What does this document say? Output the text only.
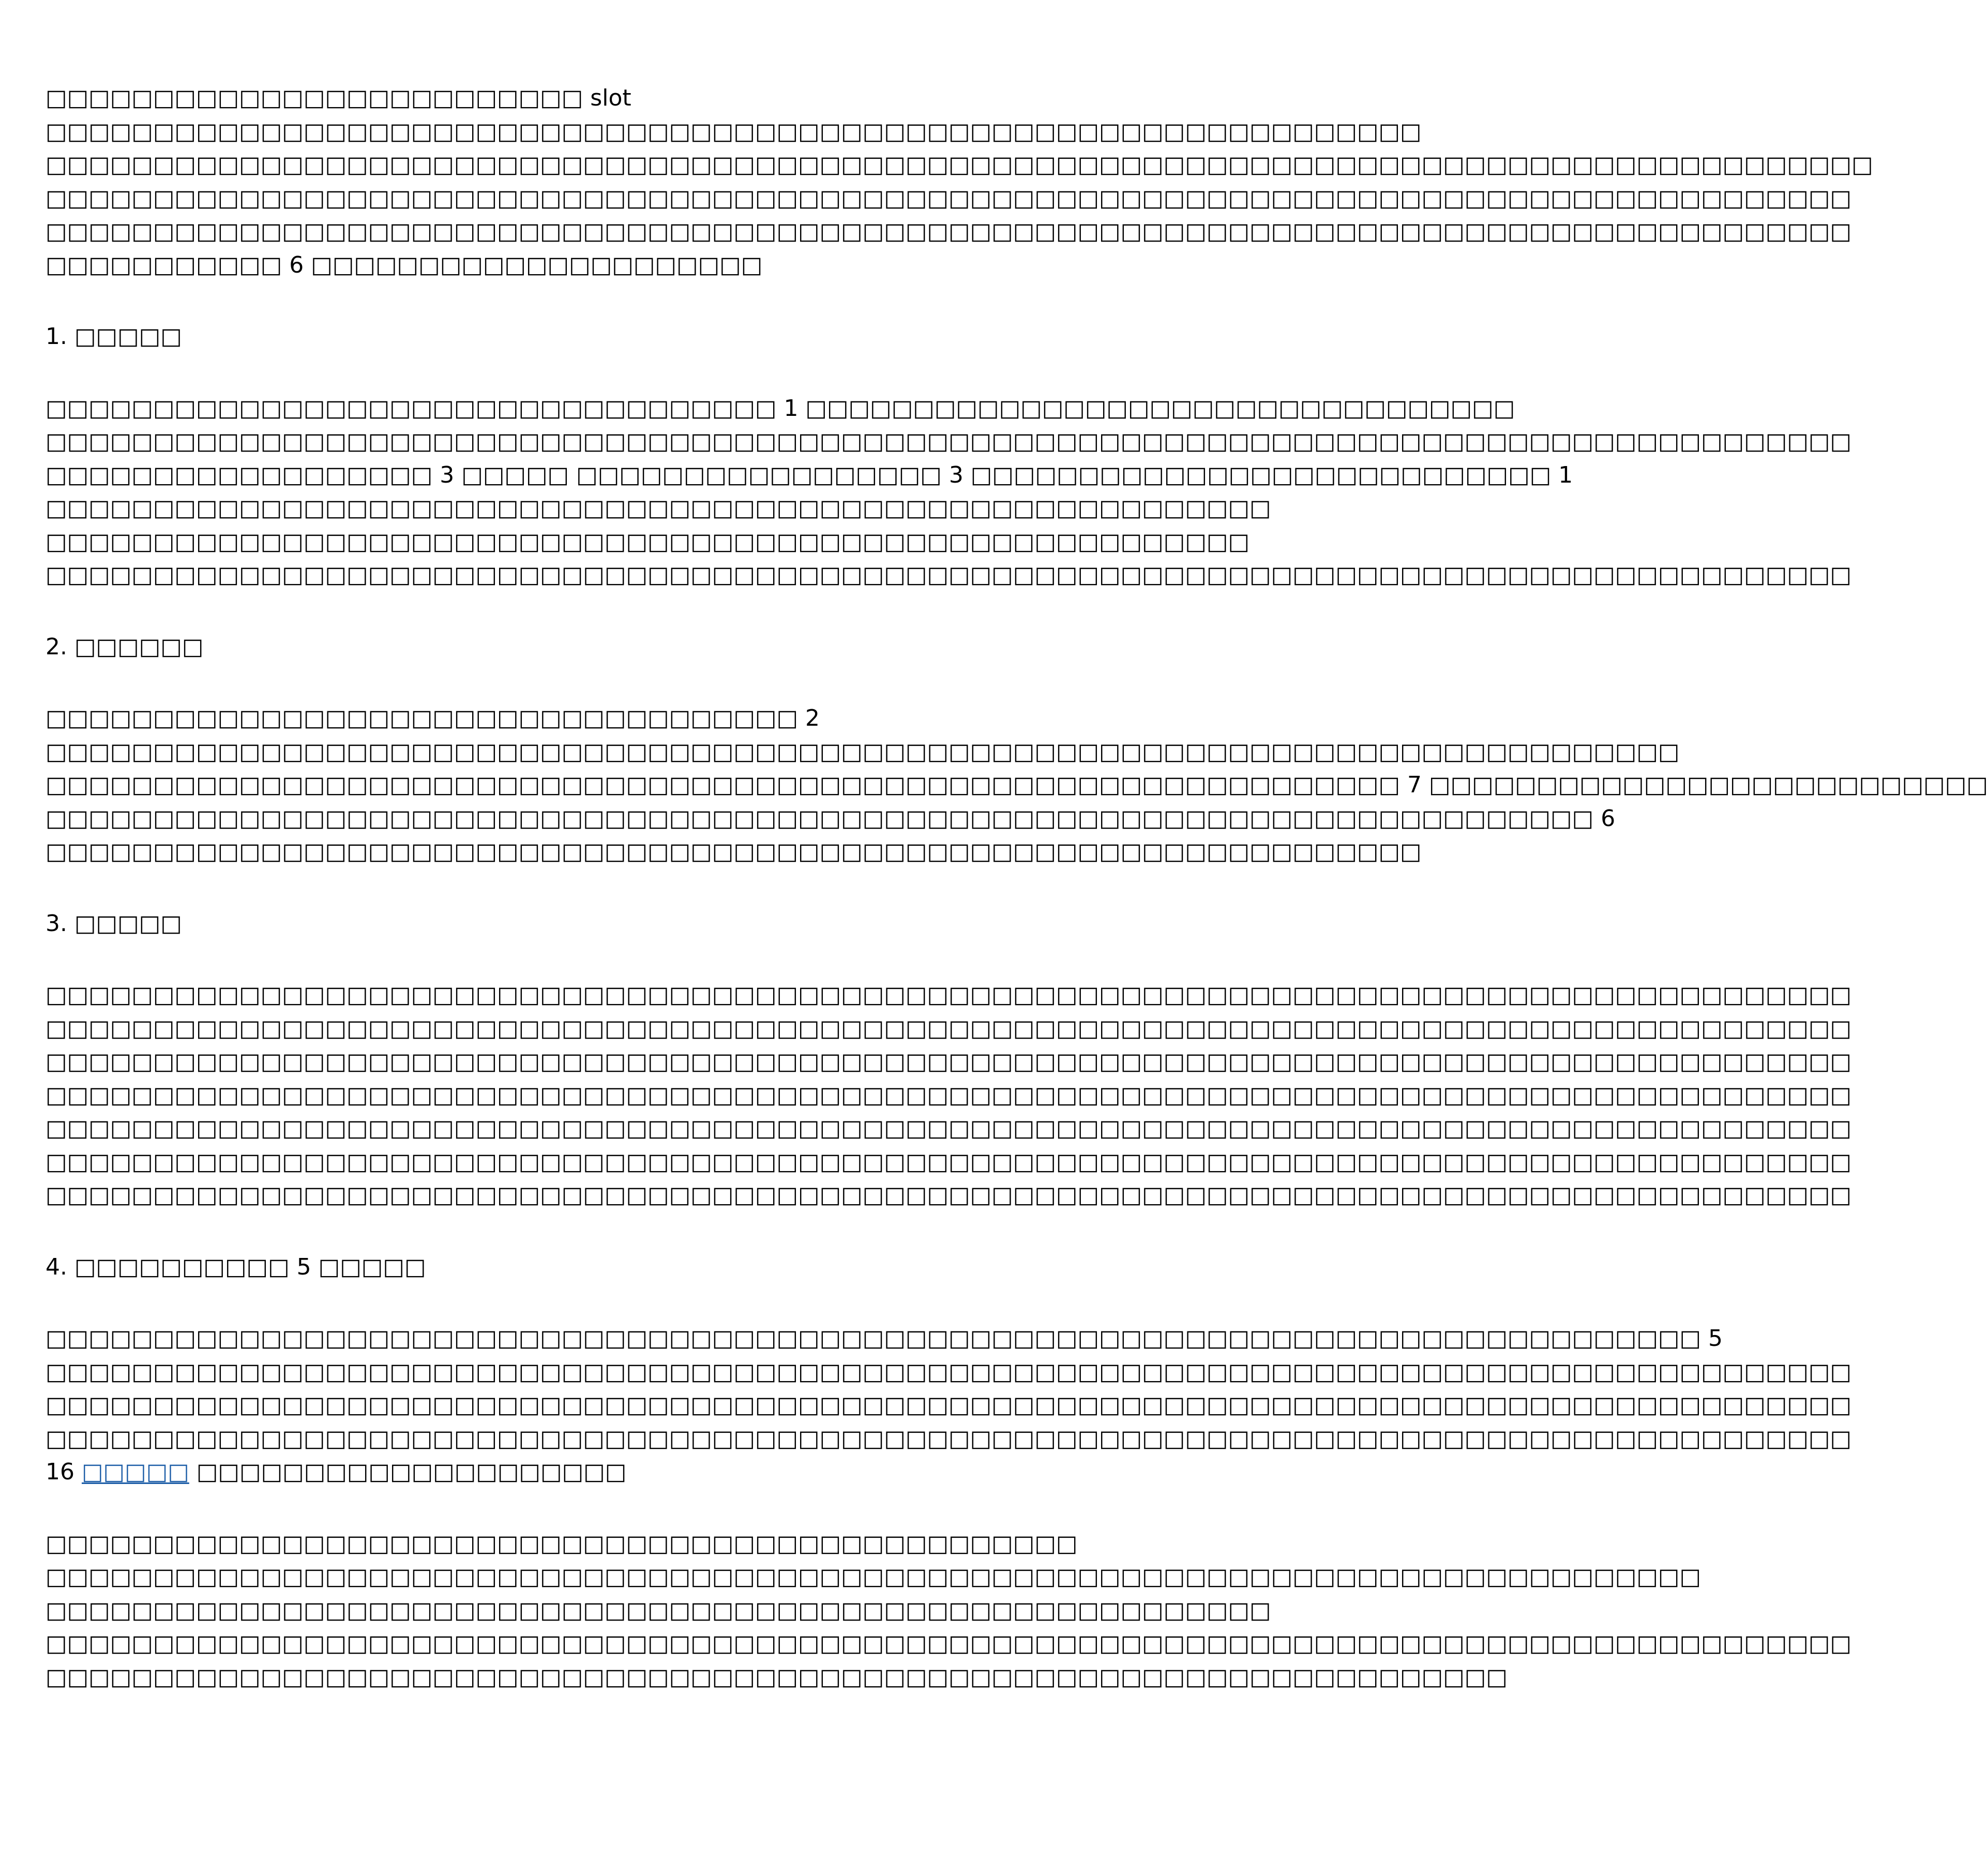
□□□□□□□□□□□□□□□□□□□□□□□□□ slot
□□□□□□□□□□□□□□□□□□□□□□□□□□□□□□□□□□□□□□□□□□□□□□□□□□□□□□□□□□□□□□□□
□□□□□□□□□□□□□□□□□□□□□□□□□□□□□□□□□□□□□□□□□□□□□□□□□□□□□□□□□□□□□□□□□□□□□□□□□□□□□□□□□□□□□
□□□□□□□□□□□□□□□□□□□□□□□□□□□□□□□□□□□□□□□□□□□□□□□□□□□□□□□□□□□□□□□□□□□□□□□□□□□□□□□□□□□□
□□□□□□□□□□□□□□□□□□□□□□□□□□□□□□□□□□□□□□□□□□□□□□□□□□□□□□□□□□□□□□□□□□□□□□□□□□□□□□□□□□□□
□□□□□□□□□□□ 6 □□□□□□□□□□□□□□□□□□□□□
1. □□□□□
□□□□□□□□□□□□□□□□□□□□□□□□□□□□□□□□□□ 1 □□□□□□□□□□□□□□□□□□□□□□□□□□□□□□□□□
□□□□□□□□□□□□□□□□□□□□□□□□□□□□□□□□□□□□□□□□□□□□□□□□□□□□□□□□□□□□□□□□□□□□□□□□□□□□□□□□□□□□
□□□□□□□□□□□□□□□□□□ 3 □□□□□ □□□□□□□□□□□□□□□□□ 3 □□□□□□□□□□□□□□□□□□□□□□□□□□□ 1
□□□□□□□□□□□□□□□□□□□□□□□□□□□□□□□□□□□□□□□□□□□□□□□□□□□□□□□□□
□□□□□□□□□□□□□□□□□□□□□□□□□□□□□□□□□□□□□□□□□□□□□□□□□□□□□□□□
□□□□□□□□□□□□□□□□□□□□□□□□□□□□□□□□□□□□□□□□□□□□□□□□□□□□□□□□□□□□□□□□□□□□□□□□□□□□□□□□□□□□
2. □□□□□□
□□□□□□□□□□□□□□□□□□□□□□□□□□□□□□□□□□□ 2
□□□□□□□□□□□□□□□□□□□□□□□□□□□□□□□□□□□□□□□□□□□□□□□□□□□□□□□□□□□□□□□□□□□□□□□□□□□□
□□□□□□□□□□□□□□□□□□□□□□□□□□□□□□□□□□□□□□□□□□□□□□□□□□□□□□□□□□□□□□□ 7 □□□□□□□□□□□□□□□□□□□□□□□□□□
□□□□□□□□□□□□□□□□□□□□□□□□□□□□□□□□□□□□□□□□□□□□□□□□□□□□□□□□□□□□□□□□□□□□□□□□ 6
□□□□□□□□□□□□□□□□□□□□□□□□□□□□□□□□□□□□□□□□□□□□□□□□□□□□□□□□□□□□□□□□
3. □□□□□
□□□□□□□□□□□□□□□□□□□□□□□□□□□□□□□□□□□□□□□□□□□□□□□□□□□□□□□□□□□□□□□□□□□□□□□□□□□□□□□□□□□□
□□□□□□□□□□□□□□□□□□□□□□□□□□□□□□□□□□□□□□□□□□□□□□□□□□□□□□□□□□□□□□□□□□□□□□□□□□□□□□□□□□□□
□□□□□□□□□□□□□□□□□□□□□□□□□□□□□□□□□□□□□□□□□□□□□□□□□□□□□□□□□□□□□□□□□□□□□□□□□□□□□□□□□□□□
□□□□□□□□□□□□□□□□□□□□□□□□□□□□□□□□□□□□□□□□□□□□□□□□□□□□□□□□□□□□□□□□□□□□□□□□□□□□□□□□□□□□
□□□□□□□□□□□□□□□□□□□□□□□□□□□□□□□□□□□□□□□□□□□□□□□□□□□□□□□□□□□□□□□□□□□□□□□□□□□□□□□□□□□□
□□□□□□□□□□□□□□□□□□□□□□□□□□□□□□□□□□□□□□□□□□□□□□□□□□□□□□□□□□□□□□□□□□□□□□□□□□□□□□□□□□□□
□□□□□□□□□□□□□□□□□□□□□□□□□□□□□□□□□□□□□□□□□□□□□□□□□□□□□□□□□□□□□□□□□□□□□□□□□□□□□□□□□□□□
4. □□□□□□□□□□ 5 □□□□□
□□□□□□□□□□□□□□□□□□□□□□□□□□□□□□□□□□□□□□□□□□□□□□□□□□□□□□□□□□□□□□□□□□□□□□□□□□□□□ 5
□□□□□□□□□□□□□□□□□□□□□□□□□□□□□□□□□□□□□□□□□□□□□□□□□□□□□□□□□□□□□□□□□□□□□□□□□□□□□□□□□□□□
□□□□□□□□□□□□□□□□□□□□□□□□□□□□□□□□□□□□□□□□□□□□□□□□□□□□□□□□□□□□□□□□□□□□□□□□□□□□□□□□□□□□
□□□□□□□□□□□□□□□□□□□□□□□□□□□□□□□□□□□□□□□□□□□□□□□□□□□□□□□□□□□□□□□□□□□□□□□□□□□□□□□□□□□□
16 □□□□□ □□□□□□□□□□□□□□□□□□□□
□□□□□□□□□□□□□□□□□□□□□□□□□□□□□□□□□□□□□□□□□□□□□□□□
□□□□□□□□□□□□□□□□□□□□□□□□□□□□□□□□□□□□□□□□□□□□□□□□□□□□□□□□□□□□□□□□□□□□□□□□□□□□□
□□□□□□□□□□□□□□□□□□□□□□□□□□□□□□□□□□□□□□□□□□□□□□□□□□□□□□□□□
□□□□□□□□□□□□□□□□□□□□□□□□□□□□□□□□□□□□□□□□□□□□□□□□□□□□□□□□□□□□□□□□□□□□□□□□□□□□□□□□□□□□
□□□□□□□□□□□□□□□□□□□□□□□□□□□□□□□□□□□□□□□□□□□□□□□□□□□□□□□□□□□□□□□□□□□□
